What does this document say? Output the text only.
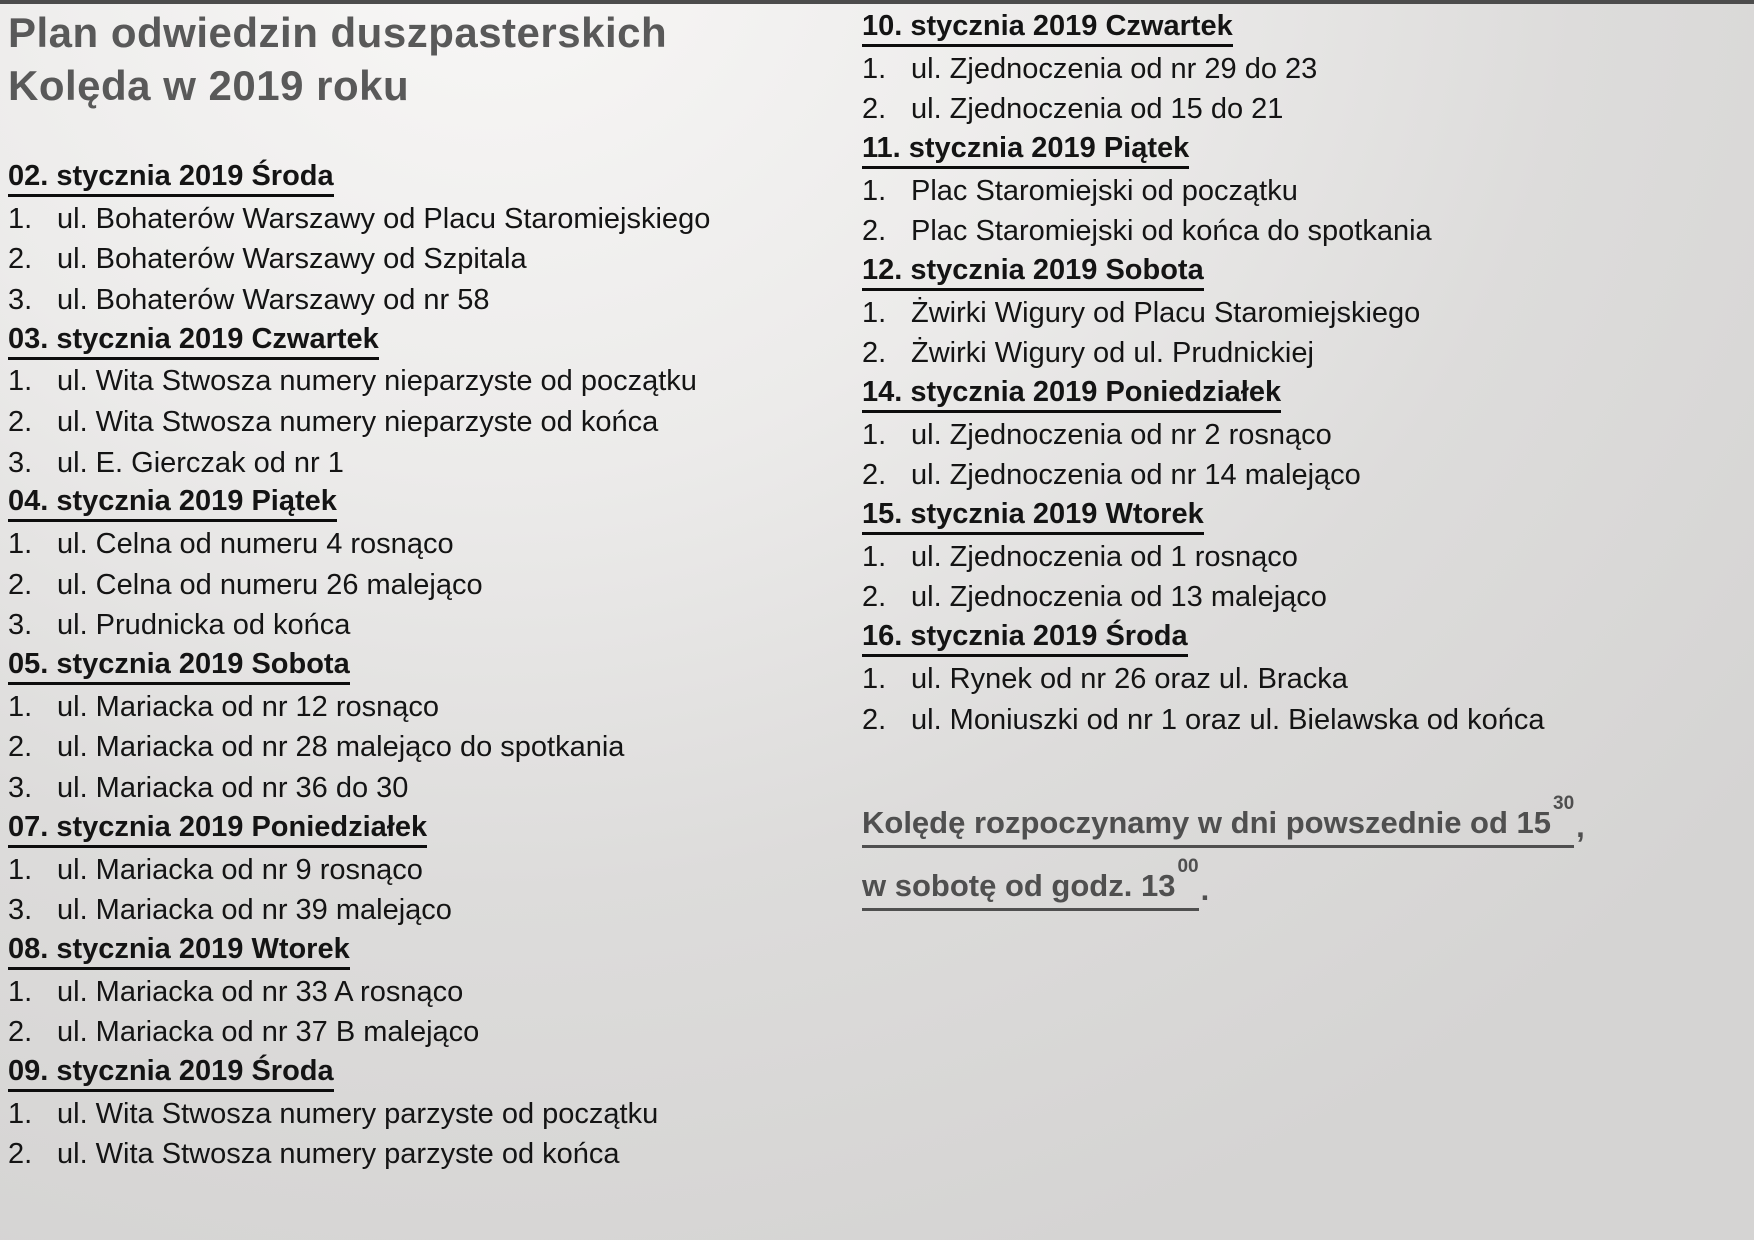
Plan odwiedzin duszpasterskich
Kolęda w 2019 roku
02. stycznia 2019 Środa
1. ul. Bohaterów Warszawy od Placu Staromiejskiego
2. ul. Bohaterów Warszawy od Szpitala
3. ul. Bohaterów Warszawy od nr 58
03. stycznia 2019 Czwartek
1. ul. Wita Stwosza numery nieparzyste od początku
2. ul. Wita Stwosza numery nieparzyste od końca
3. ul. E. Gierczak od nr 1
04. stycznia 2019 Piątek
1. ul. Celna od numeru 4 rosnąco
2. ul. Celna od numeru 26 malejąco
3. ul. Prudnicka od końca
05. stycznia 2019 Sobota
1. ul. Mariacka od nr 12 rosnąco
2. ul. Mariacka od nr 28 malejąco do spotkania
3. ul. Mariacka od nr 36 do 30
07. stycznia 2019 Poniedziałek
1. ul. Mariacka od nr 9 rosnąco
3. ul. Mariacka od nr 39 malejąco
08. stycznia 2019 Wtorek
1. ul. Mariacka od nr 33 A rosnąco
2. ul. Mariacka od nr 37 B malejąco
09. stycznia 2019 Środa
1. ul. Wita Stwosza numery parzyste od początku
2. ul. Wita Stwosza numery parzyste od końca
10. stycznia 2019 Czwartek
1. ul. Zjednoczenia od nr 29 do 23
2. ul. Zjednoczenia od 15 do 21
11. stycznia 2019 Piątek
1. Plac Staromiejski od początku
2. Plac Staromiejski od końca do spotkania
12. stycznia 2019 Sobota
1. Żwirki Wigury od Placu Staromiejskiego
2. Żwirki Wigury od ul. Prudnickiej
14. stycznia 2019 Poniedziałek
1. ul. Zjednoczenia od nr 2 rosnąco
2. ul. Zjednoczenia od nr 14 malejąco
15. stycznia 2019 Wtorek
1. ul. Zjednoczenia od 1 rosnąco
2. ul. Zjednoczenia od 13 malejąco
16. stycznia 2019 Środa
1. ul. Rynek od nr 26 oraz ul. Bracka
2. ul. Moniuszki od nr 1 oraz ul. Bielawska od końca
Kolędę rozpoczynamy w dni powszednie od $15^{30}$
,
w sobotę od godz. $13^{00}$
.
